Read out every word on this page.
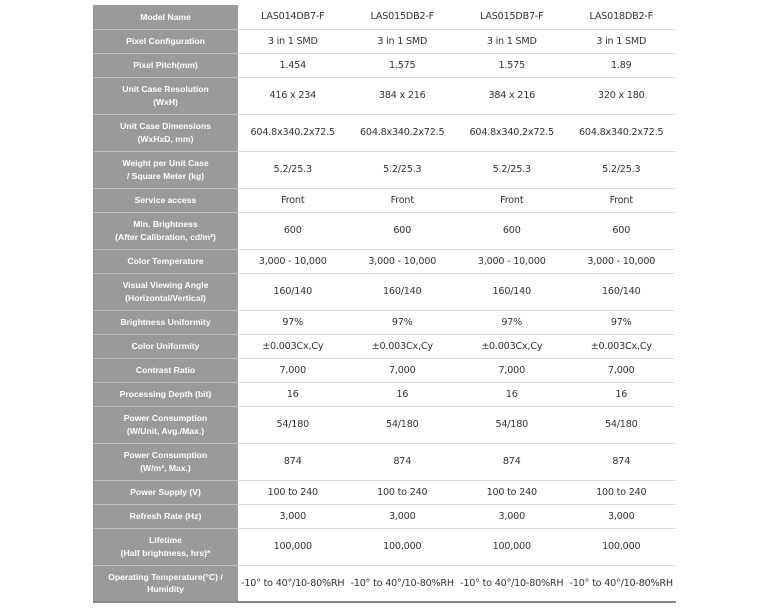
Model Name	LAS014DB7-F	LAS015DB2-F	LAS015DB7-F	LAS018DB2-F
Pixel Configuration	3 in 1 SMD	3 in 1 SMD	3 in 1 SMD	3 in 1 SMD
Pixel Pitch(mm)	1.454	1.575	1.575	1.89
Unit Case Resolution
(WxH)	416 x 234	384 x 216	384 x 216	320 x 180
Unit Case Dimensions
(WxHxD, mm)	604.8x340.2x72.5	604.8x340.2x72.5	604.8x340.2x72.5	604.8x340.2x72.5
Weight per Unit Case
/ Square Meter (kg)	5.2/25.3	5.2/25.3	5.2/25.3	5.2/25.3
Service access	Front	Front	Front	Front
Min. Brightness
(After Calibration, cd/m²)	600	600	600	600
Color Temperature	3,000 - 10,000	3,000 - 10,000	3,000 - 10,000	3,000 - 10,000
Visual Viewing Angle
(Horizontal/Vertical)	160/140	160/140	160/140	160/140
Brightness Uniformity	97%	97%	97%	97%
Color Uniformity	±0.003Cx,Cy	±0.003Cx,Cy	±0.003Cx,Cy	±0.003Cx,Cy
Contrast Ratio	7,000	7,000	7,000	7,000
Processing Depth (bit)	16	16	16	16
Power Consumption
(W/Unit, Avg./Max.)	54/180	54/180	54/180	54/180
Power Consumption
(W/m², Max.)	874	874	874	874
Power Supply (V)	100 to 240	100 to 240	100 to 240	100 to 240
Refresh Rate (Hz)	3,000	3,000	3,000	3,000
Lifetime
(Half brightness, hrs)*	100,000	100,000	100,000	100,000
Operating Temperature(°C) /
Humidity	-10° to 40°/10-80%RH	-10° to 40°/10-80%RH	-10° to 40°/10-80%RH	-10° to 40°/10-80%RH
